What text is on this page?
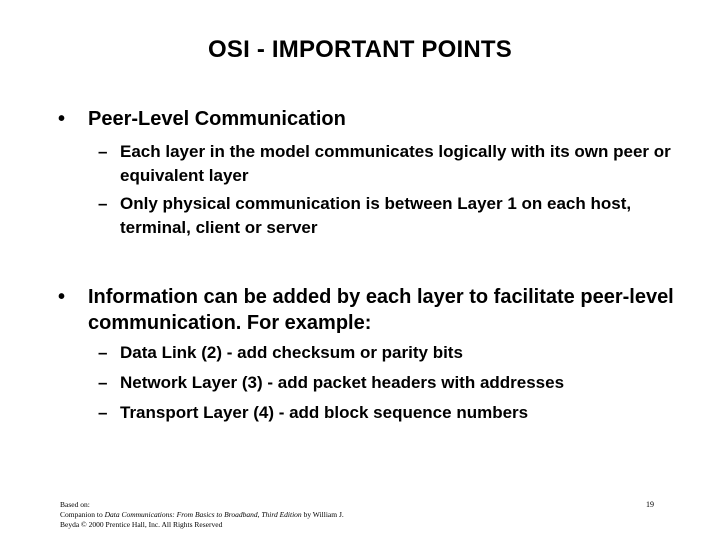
OSI - IMPORTANT POINTS
• Peer-Level Communication
– Each layer in the model communicates logically with its own peer or equivalent layer
– Only physical communication is between Layer 1 on each host, terminal, client or server
• Information can be added by each layer to facilitate peer-level communication. For example:
– Data Link (2) - add checksum or parity bits
– Network Layer (3) - add packet headers with addresses
– Transport Layer (4) - add block sequence numbers
Based on:
Companion to Data Communications: From Basics to Broadband, Third Edition by William J.
Beyda © 2000 Prentice Hall, Inc. All Rights Reserved
19
